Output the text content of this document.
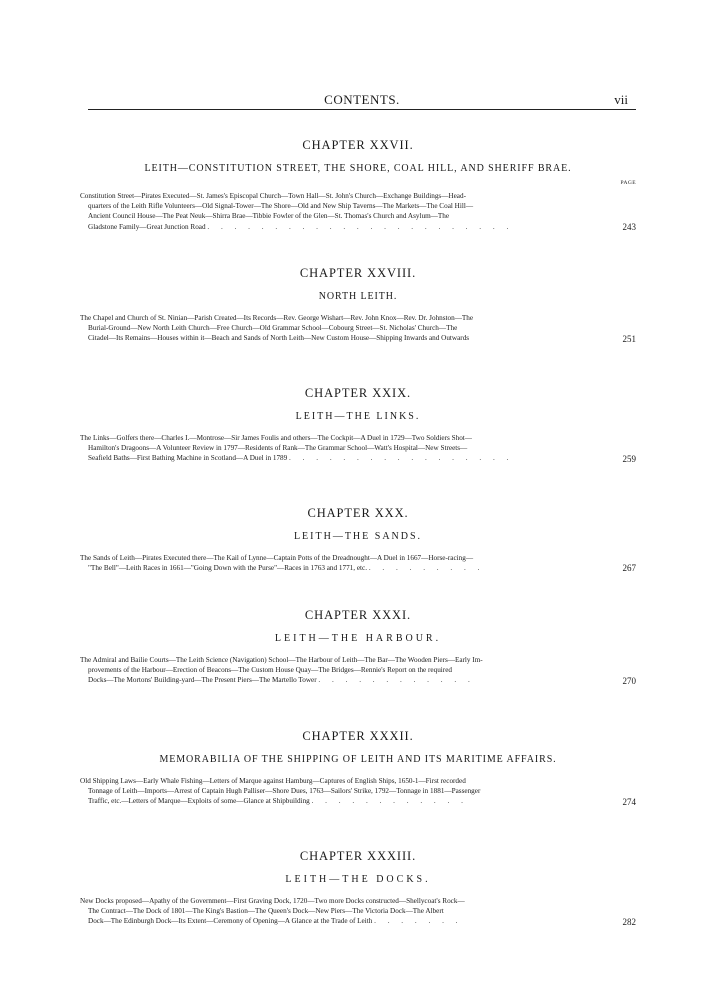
CONTENTS.	vii
CHAPTER XXVII.
LEITH—CONSTITUTION STREET, THE SHORE, COAL HILL, AND SHERIFF BRAE.
PAGE
Constitution Street—Pirates Executed—St. James's Episcopal Church—Town Hall—St. John's Church—Exchange Buildings—Head-
quarters of the Leith Rifle Volunteers—Old Signal-Tower—The Shore—Old and New Ship Taverns—The Markets—The Coal Hill—
Ancient Council House—The Peat Neuk—Shirra Brae—Tibbie Fowler of the Glen—St. Thomas's Church and Asylum—The
Gladstone Family—Great Junction Road . . . . . . . . . . . . . . . . . . . . . . .	243
CHAPTER XXVIII.
NORTH LEITH.
The Chapel and Church of St. Ninian—Parish Created—Its Records—Rev. George Wishart—Rev. John Knox—Rev. Dr. Johnston—The
Burial-Ground—New North Leith Church—Free Church—Old Grammar School—Cobourg Street—St. Nicholas' Church—The
Citadel—Its Remains—Houses within it—Beach and Sands of North Leith—New Custom House—Shipping Inwards and Outwards	251
CHAPTER XXIX.
LEITH—THE LINKS.
The Links—Golfers there—Charles I.—Montrose—Sir James Foulis and others—The Cockpit—A Duel in 1729—Two Soldiers Shot—
Hamilton's Dragoons—A Volunteer Review in 1797—Residents of Rank—The Grammar School—Watt's Hospital—New Streets—
Seafield Baths—First Bathing Machine in Scotland—A Duel in 1789 . . . . . . . . . . . . . . . . .	259
CHAPTER XXX.
LEITH—THE SANDS.
The Sands of Leith—Pirates Executed there—The Kail of Lynne—Captain Potts of the Dreadnought—A Duel in 1667—Horse-racing—
"The Bell"—Leith Races in 1661—"Going Down with the Purse"—Races in 1763 and 1771, etc. . . . . . . . . .	267
CHAPTER XXXI.
LEITH—THE HARBOUR.
The Admiral and Bailie Courts—The Leith Science (Navigation) School—The Harbour of Leith—The Bar—The Wooden Piers—Early Im-
provements of the Harbour—Erection of Beacons—The Custom House Quay—The Bridges—Rennie's Report on the required
Docks—The Mortons' Building-yard—The Present Piers—The Martello Tower . . . . . . . . . . . .	270
CHAPTER XXXII.
MEMORABILIA OF THE SHIPPING OF LEITH AND ITS MARITIME AFFAIRS.
Old Shipping Laws—Early Whale Fishing—Letters of Marque against Hamburg—Captures of English Ships, 1650-1—First recorded
Tonnage of Leith—Imports—Arrest of Captain Hugh Palliser—Shore Dues, 1763—Sailors' Strike, 1792—Tonnage in 1881—Passenger
Traffic, etc.—Letters of Marque—Exploits of some—Glance at Shipbuilding . . . . . . . . . . . .	274
CHAPTER XXXIII.
LEITH—THE DOCKS.
New Docks proposed—Apathy of the Government—First Graving Dock, 1720—Two more Docks constructed—Shellycoat's Rock—
The Contract—The Dock of 1801—The King's Bastion—The Queen's Dock—New Piers—The Victoria Dock—The Albert
Dock—The Edinburgh Dock—Its Extent—Ceremony of Opening—A Glance at the Trade of Leith . . . . . . .	282
